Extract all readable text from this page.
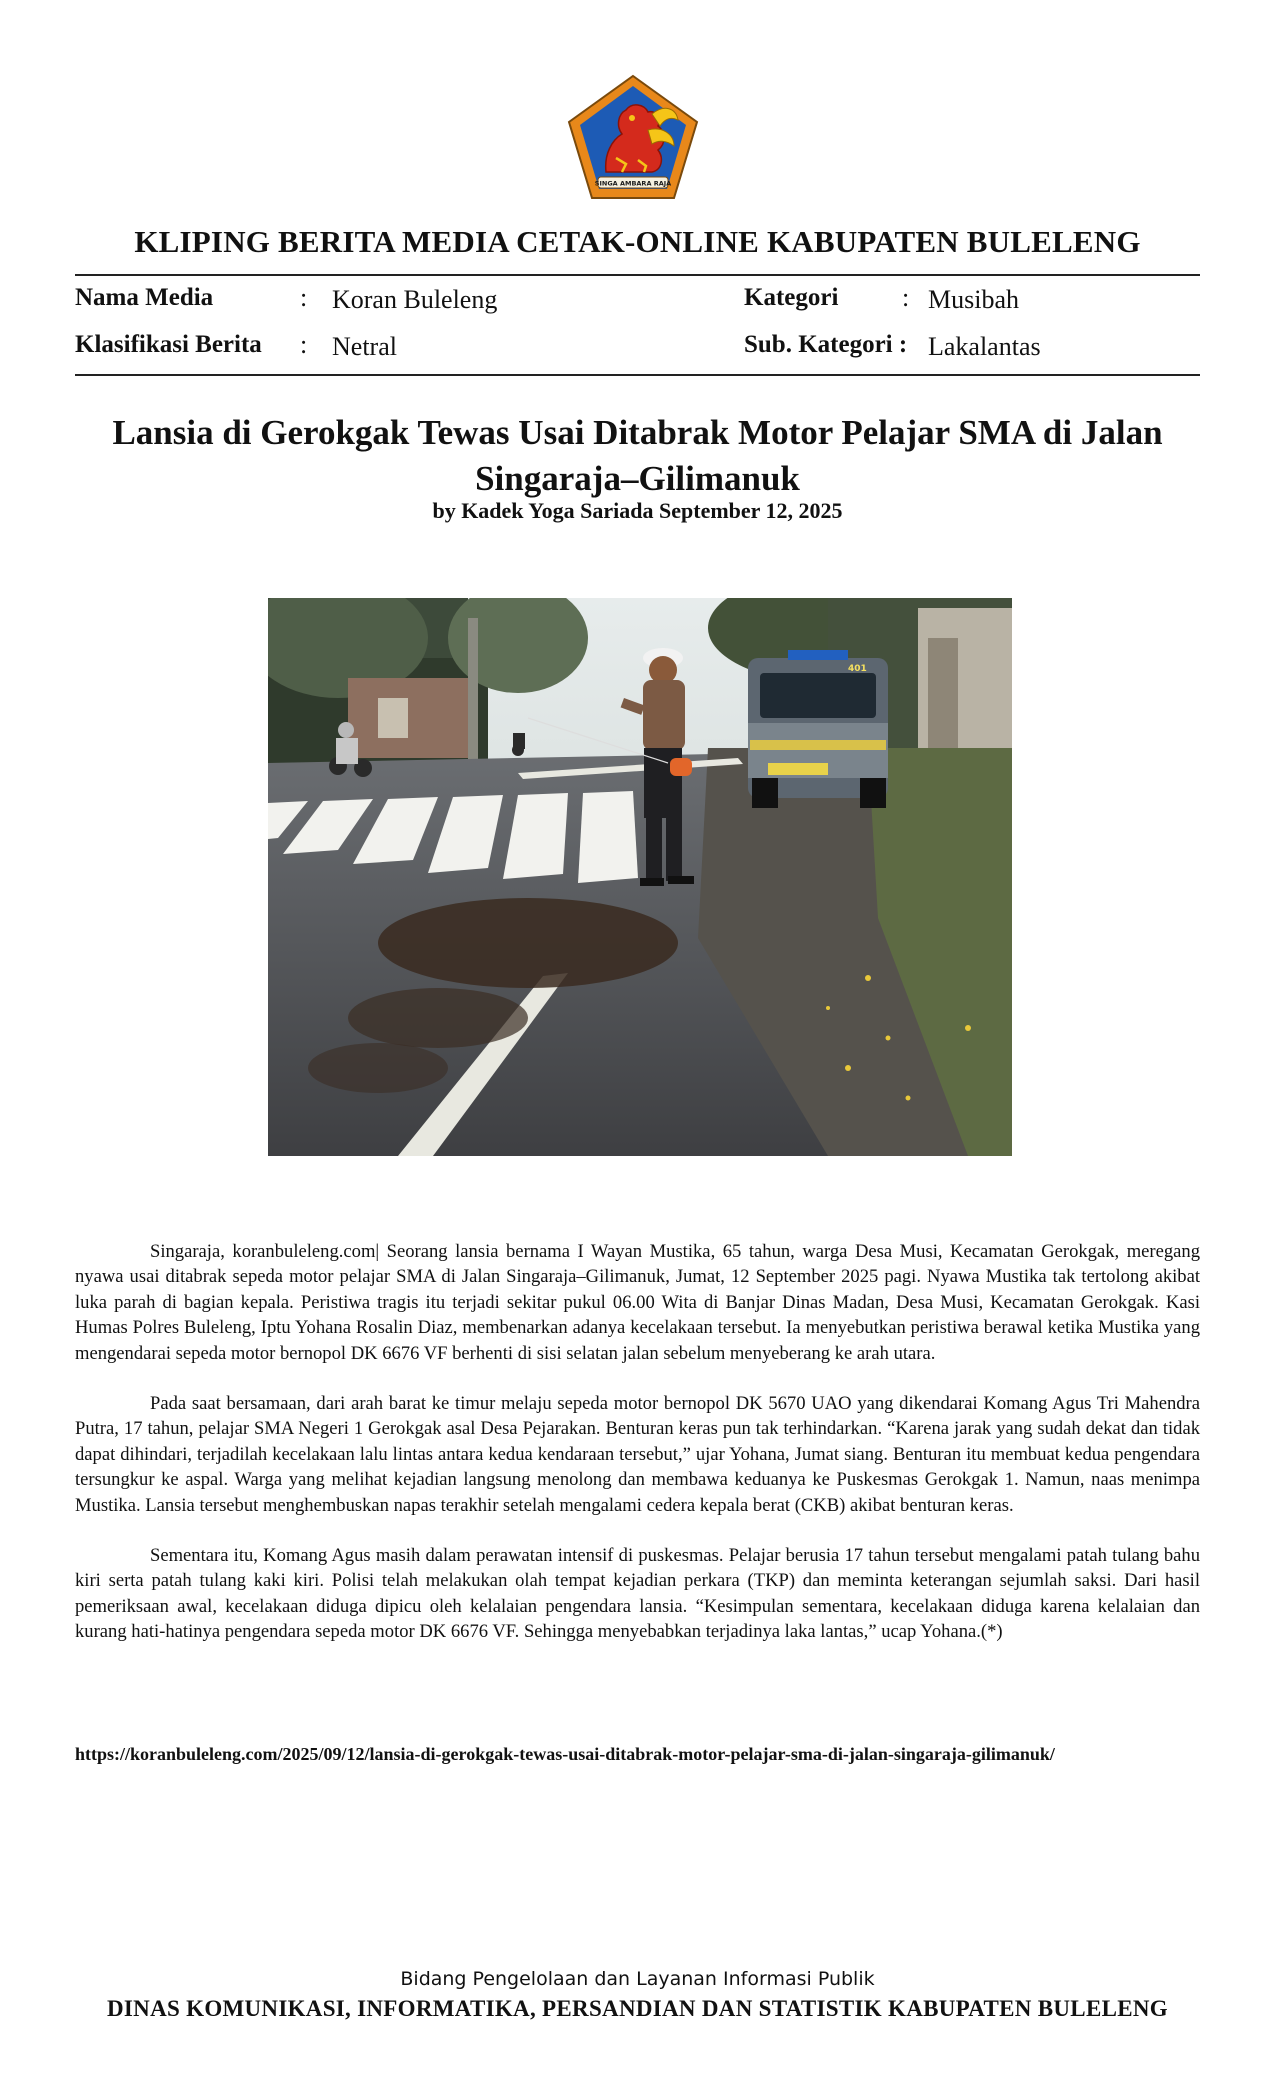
SINGA AMBARA RAJA
KLIPING BERITA MEDIA CETAK-ONLINE KABUPATEN BULELENG
Nama Media	: Koran Buleleng	Kategori : Musibah
Klasifikasi Berita : Netral	Sub. Kategori : Lakalantas
Lansia di Gerokgak Tewas Usai Ditabrak Motor Pelajar SMA di Jalan
Singaraja–Gilimanuk
by Kadek Yoga Sariada September 12, 2025
401

Singaraja, koranbuleleng.com| Seorang lansia bernama I Wayan Mustika, 65 tahun, warga Desa Musi, Kecamatan Gerokgak, meregang nyawa usai ditabrak sepeda motor pelajar SMA di Jalan Singaraja–Gilimanuk, Jumat, 12 September 2025 pagi. Nyawa Mustika tak tertolong akibat luka parah di bagian kepala. Peristiwa tragis itu terjadi sekitar pukul 06.00 Wita di Banjar Dinas Madan, Desa Musi, Kecamatan Gerokgak. Kasi Humas Polres Buleleng, Iptu Yohana Rosalin Diaz, membenarkan adanya kecelakaan tersebut. Ia menyebutkan peristiwa berawal ketika Mustika yang mengendarai sepeda motor bernopol DK 6676 VF berhenti di sisi selatan jalan sebelum menyeberang ke arah utara.

Pada saat bersamaan, dari arah barat ke timur melaju sepeda motor bernopol DK 5670 UAO yang dikendarai Komang Agus Tri Mahendra Putra, 17 tahun, pelajar SMA Negeri 1 Gerokgak asal Desa Pejarakan. Benturan keras pun tak terhindarkan. “Karena jarak yang sudah dekat dan tidak dapat dihindari, terjadilah kecelakaan lalu lintas antara kedua kendaraan tersebut,” ujar Yohana, Jumat siang. Benturan itu membuat kedua pengendara tersungkur ke aspal. Warga yang melihat kejadian langsung menolong dan membawa keduanya ke Puskesmas Gerokgak 1. Namun, naas menimpa Mustika. Lansia tersebut menghembuskan napas terakhir setelah mengalami cedera kepala berat (CKB) akibat benturan keras.

Sementara itu, Komang Agus masih dalam perawatan intensif di puskesmas. Pelajar berusia 17 tahun tersebut mengalami patah tulang bahu kiri serta patah tulang kaki kiri. Polisi telah melakukan olah tempat kejadian perkara (TKP) dan meminta keterangan sejumlah saksi. Dari hasil pemeriksaan awal, kecelakaan diduga dipicu oleh kelalaian pengendara lansia. “Kesimpulan sementara, kecelakaan diduga karena kelalaian dan kurang hati-hatinya pengendara sepeda motor DK 6676 VF. Sehingga menyebabkan terjadinya laka lantas,” ucap Yohana.(*)

https://koranbuleleng.com/2025/09/12/lansia-di-gerokgak-tewas-usai-ditabrak-motor-pelajar-sma-di-jalan-singaraja-gilimanuk/
Bidang Pengelolaan dan Layanan Informasi Publik
DINAS KOMUNIKASI, INFORMATIKA, PERSANDIAN DAN STATISTIK KABUPATEN BULELENG
